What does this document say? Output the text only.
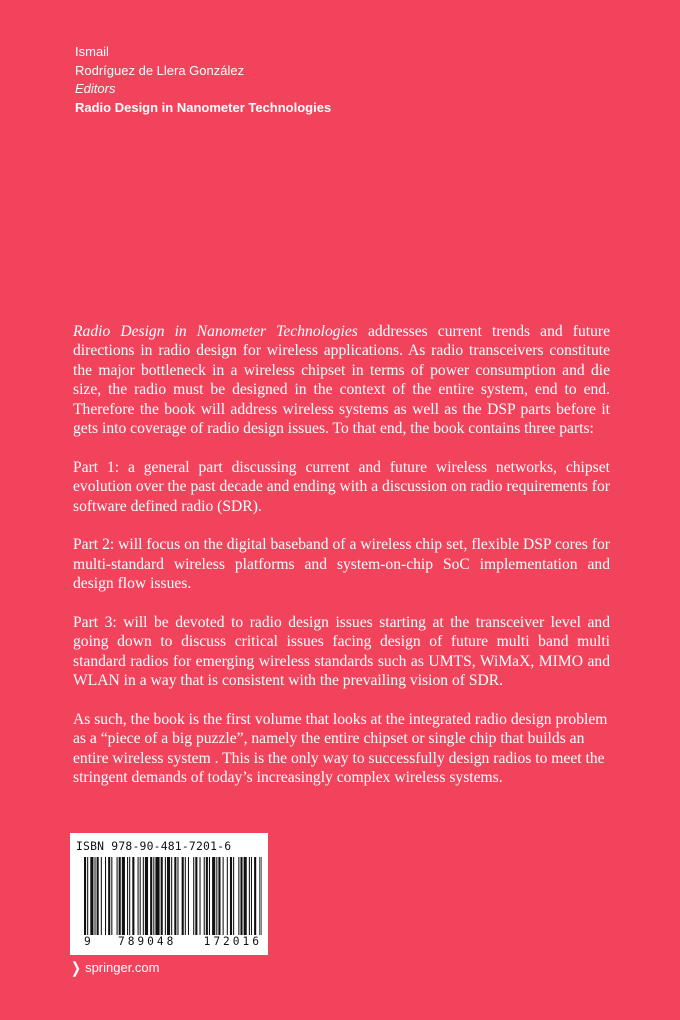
Ismail
Rodríguez de Llera González
Editors
Radio Design in Nanometer Technologies

Radio Design in Nanometer Technologies addresses current trends and future directions in radio design for wireless applications. As radio transceivers constitute the major bottleneck in a wireless chipset in terms of power consumption and die size, the radio must be designed in the context of the entire system, end to end. Therefore the book will address wireless systems as well as the DSP parts before it gets into coverage of radio design issues. To that end, the book contains three parts:

Part 1: a general part discussing current and future wireless networks, chipset evolution over the past decade and ending with a discussion on radio requirements for software defined radio (SDR).

Part 2: will focus on the digital baseband of a wireless chip set, flexible DSP cores for multi-standard wireless platforms and system-on-chip SoC implementation and design flow issues.

Part 3: will be devoted to radio design issues starting at the transceiver level and going down to discuss critical issues facing design of future multi band multi standard radios for emerging wireless standards such as UMTS, WiMaX, MIMO and WLAN in a way that is consistent with the prevailing vision of SDR.

As such, the book is the first volume that looks at the integrated radio design problem as a “piece of a big puzzle”, namely the entire chipset or single chip that builds an entire wireless system . This is the only way to successfully design radios to meet the stringent demands of today’s increasingly complex wireless systems.

ISBN 978-90-481-7201-6
9 789048 172016
❯ springer.com
